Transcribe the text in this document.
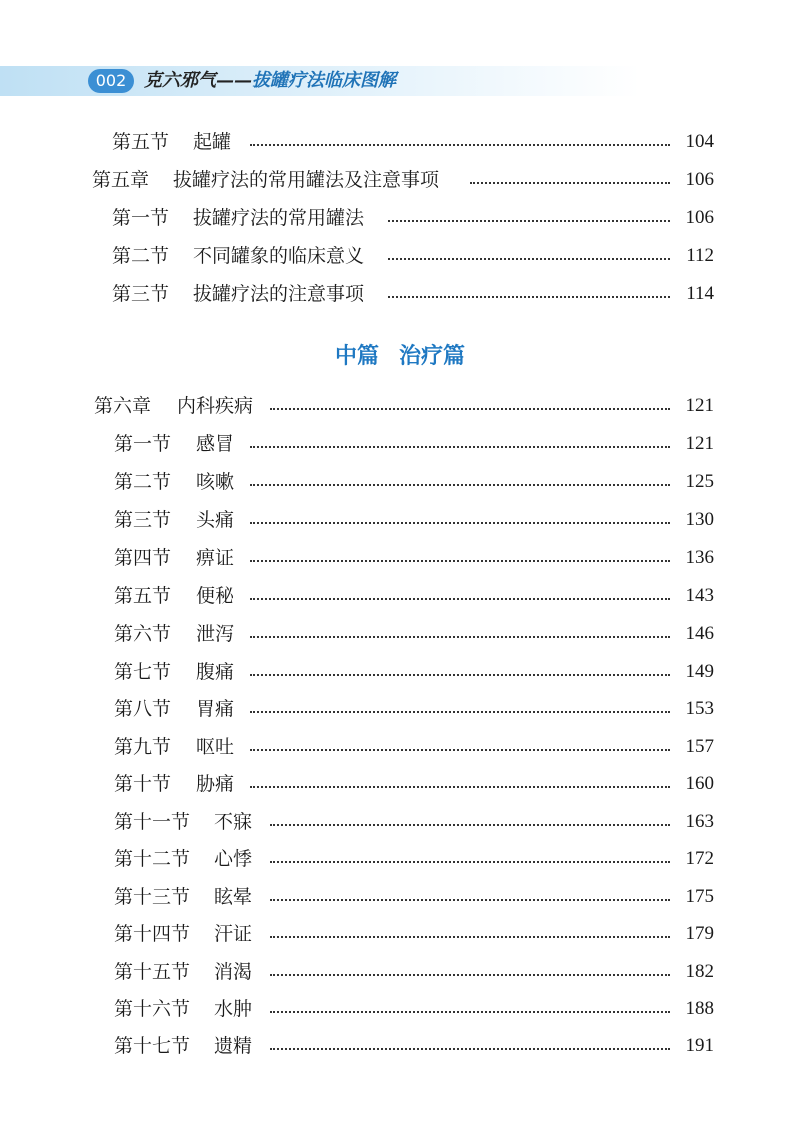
002 克六邪气——拔罐疗法临床图解
第五节 起罐	104
第五章 拔罐疗法的常用罐法及注意事项	106
第一节 拔罐疗法的常用罐法	106
第二节 不同罐象的临床意义	112
第三节 拔罐疗法的注意事项	114
中篇 治疗篇
第六章 内科疾病	121
第一节 感冒	121
第二节 咳嗽	125
第三节 头痛	130
第四节 痹证	136
第五节 便秘	143
第六节 泄泻	146
第七节 腹痛	149
第八节 胃痛	153
第九节 呕吐	157
第十节 胁痛	160
第十一节 不寐	163
第十二节 心悸	172
第十三节 眩晕	175
第十四节 汗证	179
第十五节 消渴	182
第十六节 水肿	188
第十七节 遗精	191
